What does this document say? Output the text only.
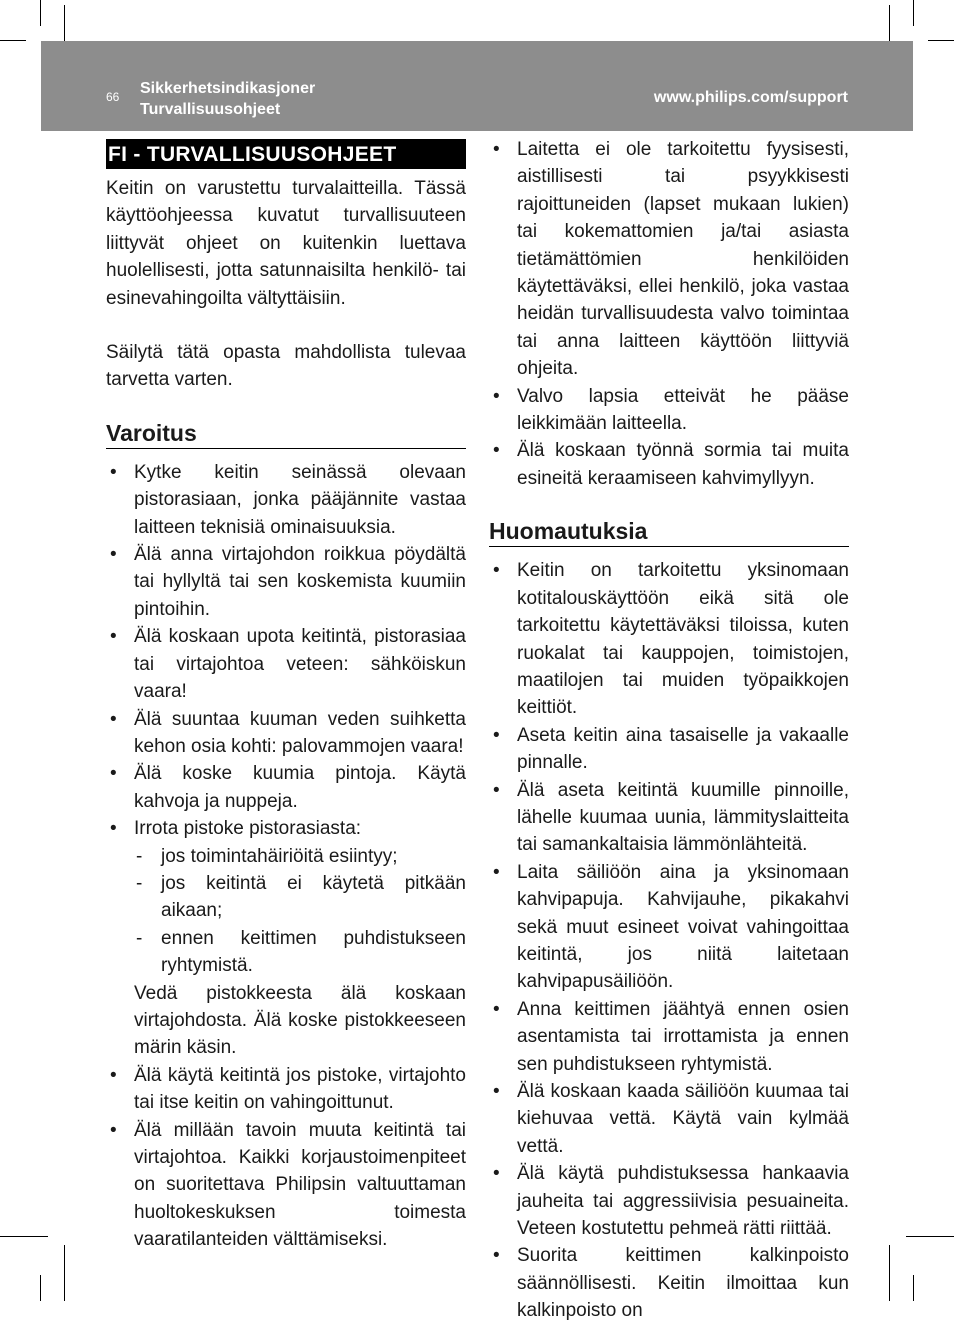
66 Sikkerhetsindikasjoner
Turvallisuusohjeet
www.philips.com/support
FI - TURVALLISUUSOHJEET

Keitin on varustettu turvalaitteilla. Tässä käyttöohjeessa kuvatut turvallisuuteen liittyvät ohjeet on kuitenkin luettava huolellisesti, jotta satunnaisilta henkilö- tai esinevahingoilta vältyttäisiin.

Säilytä tätä opasta mahdollista tulevaa tarvetta varten.

Varoitus
• Kytke keitin seinässä olevaan pistorasiaan, jonka pääjännite vastaa laitteen teknisiä ominaisuuksia.
• Älä anna virtajohdon roikkua pöydältä tai hyllyltä tai sen koskemista kuumiin pintoihin.
• Älä koskaan upota keitintä, pistorasiaa tai virtajohtoa veteen: sähköiskun vaara!
• Älä suuntaa kuuman veden suihketta kehon osia kohti: palovammojen vaara!
• Älä koske kuumia pintoja. Käytä kahvoja ja nuppeja.
• Irrota pistoke pistorasiasta:
- jos toimintahäiriöitä esiintyy;
- jos keitintä ei käytetä pitkään aikaan;
- ennen keittimen puhdistukseen ryhtymistä.

Vedä pistokkeesta älä koskaan virtajohdosta. Älä koske pistokkeeseen märin käsin.

• Älä käytä keitintä jos pistoke, virtajohto tai itse keitin on vahingoittunut.
• Älä millään tavoin muuta keitintä tai virtajohtoa. Kaikki korjaustoimenpiteet on suoritettava Philipsin valtuuttaman huoltokeskuksen toimesta vaaratilanteiden välttämiseksi.
• Laitetta ei ole tarkoitettu fyysisesti, aistillisesti tai psyykkisesti rajoittuneiden (lapset mukaan lukien) tai kokemattomien ja/tai asiasta tietämättömien henkilöiden käytettäväksi, ellei henkilö, joka vastaa heidän turvallisuudesta valvo toimintaa tai anna laitteen käyttöön liittyviä ohjeita.
• Valvo lapsia etteivät he pääse leikkimään laitteella.
• Älä koskaan työnnä sormia tai muita esineitä keraamiseen kahvimyllyyn.
Huomautuksia
• Keitin on tarkoitettu yksinomaan kotitalouskäyttöön eikä sitä ole tarkoitettu käytettäväksi tiloissa, kuten ruokalat tai kauppojen, toimistojen, maatilojen tai muiden työpaikkojen keittiöt.
• Aseta keitin aina tasaiselle ja vakaalle pinnalle.
• Älä aseta keitintä kuumille pinnoille, lähelle kuumaa uunia, lämmityslaitteita tai samankaltaisia lämmönlähteitä.
• Laita säiliöön aina ja yksinomaan kahvipapuja. Kahvijauhe, pikakahvi sekä muut esineet voivat vahingoittaa keitintä, jos niitä laitetaan kahvipapusäiliöön.
• Anna keittimen jäähtyä ennen osien asentamista tai irrottamista ja ennen sen puhdistukseen ryhtymistä.
• Älä koskaan kaada säiliöön kuumaa tai kiehuvaa vettä. Käytä vain kylmää vettä.
• Älä käytä puhdistuksessa hankaavia jauheita tai aggressiivisia pesuaineita. Veteen kostutettu pehmeä rätti riittää.
• Suorita keittimen kalkinpoisto säännöllisesti. Keitin ilmoittaa kun kalkinpoisto on
